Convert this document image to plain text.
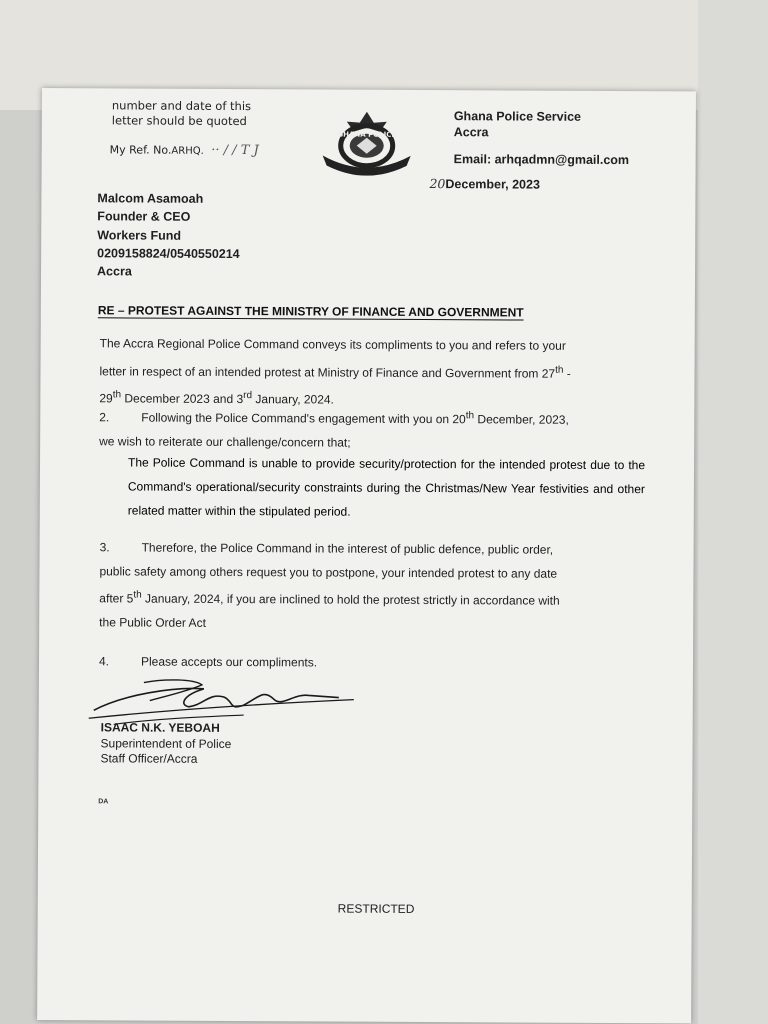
number and date of this
letter should be quoted
My Ref. No.ARHQ. ·· / / T J
GHANA POLICE
Ghana Police Service
Accra
Email: arhqadmn@gmail.com
20December, 2023
Malcom Asamoah
Founder & CEO
Workers Fund
0209158824/0540550214
Accra
RE – PROTEST AGAINST THE MINISTRY OF FINANCE AND GOVERNMENT
The Accra Regional Police Command conveys its compliments to you and refers to your
letter in respect of an intended protest at Ministry of Finance and Government from 27th -
29th December 2023 and 3rd January, 2024.
2.	Following the Police Command's engagement with you on 20th December, 2023,
we wish to reiterate our challenge/concern that;
The Police Command is unable to provide security/protection for the intended protest due to the Command's operational/security constraints during the Christmas/New Year festivities and other related matter within the stipulated period.
3.	Therefore, the Police Command in the interest of public defence, public order,
public safety among others request you to postpone, your intended protest to any date
after 5th January, 2024, if you are inclined to hold the protest strictly in accordance with
the Public Order Act
4.	Please accepts our compliments.
ISAAC N.K. YEBOAH
Superintendent of Police
Staff Officer/Accra
DA
RESTRICTED
